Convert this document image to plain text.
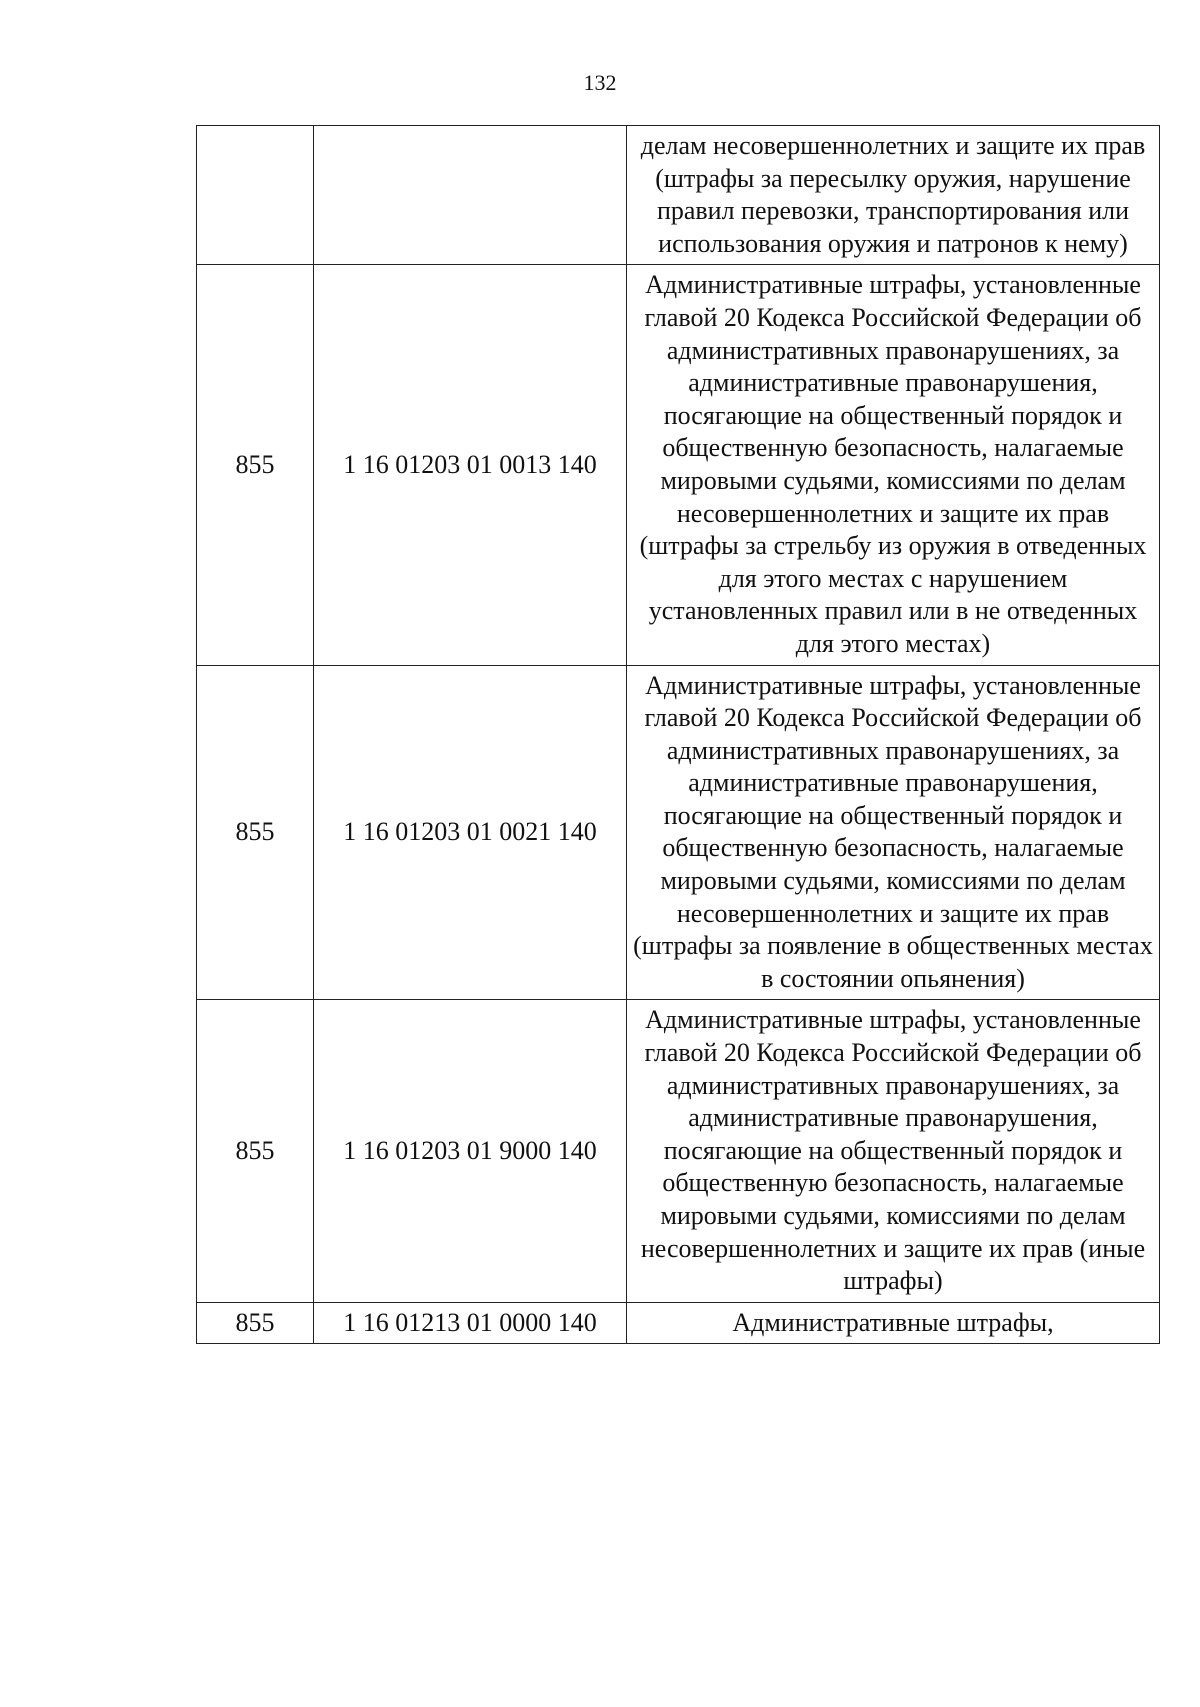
132
		делам несовершеннолетних и защите их прав (штрафы за пересылку оружия, нарушение правил перевозки, транспортирования или использования оружия и патронов к нему)
855	1 16 01203 01 0013 140	Административные штрафы, установленные главой 20 Кодекса Российской Федерации об административных правонарушениях, за административные правонарушения, посягающие на общественный порядок и общественную безопасность, налагаемые мировыми судьями, комиссиями по делам несовершеннолетних и защите их прав (штрафы за стрельбу из оружия в отведенных для этого местах с нарушением установленных правил или в не отведенных для этого местах)
855	1 16 01203 01 0021 140	Административные штрафы, установленные главой 20 Кодекса Российской Федерации об административных правонарушениях, за административные правонарушения, посягающие на общественный порядок и общественную безопасность, налагаемые мировыми судьями, комиссиями по делам несовершеннолетних и защите их прав (штрафы за появление в общественных местах в состоянии опьянения)
855	1 16 01203 01 9000 140	Административные штрафы, установленные главой 20 Кодекса Российской Федерации об административных правонарушениях, за административные правонарушения, посягающие на общественный порядок и общественную безопасность, налагаемые мировыми судьями, комиссиями по делам несовершеннолетних и защите их прав (иные штрафы)
855	1 16 01213 01 0000 140	Административные штрафы,
